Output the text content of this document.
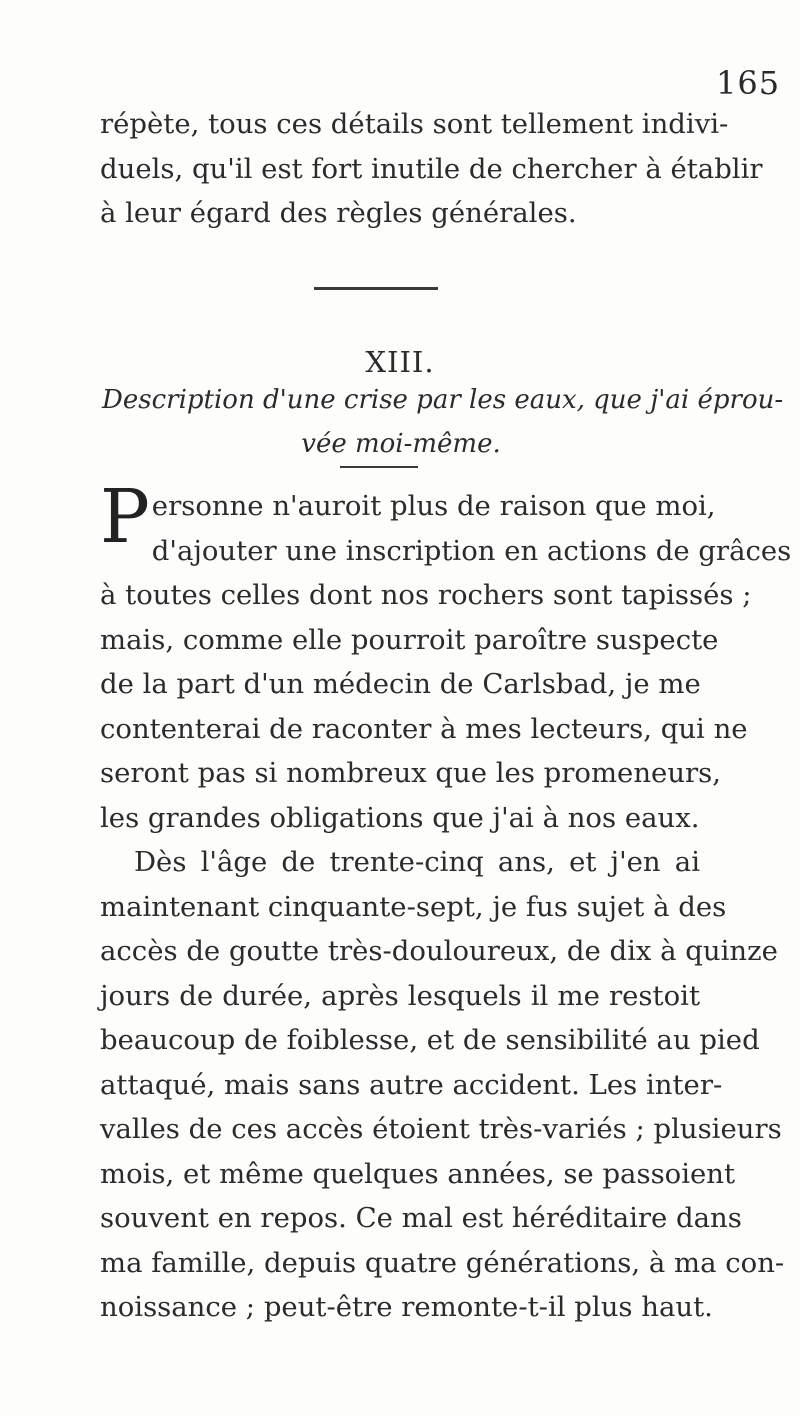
165
répète, tous ces détails sont tellement indivi-
duels, qu'il est fort inutile de chercher à établir
à leur égard des règles générales.
XIII.
Description d'une crise par les eaux, que j'ai éprou-
vée moi-même.
P ersonne n'auroit plus de raison que moi,
d'ajouter une inscription en actions de grâces
à toutes celles dont nos rochers sont tapissés ;
mais, comme elle pourroit paroître suspecte
de la part d'un médecin de Carlsbad, je me
contenterai de raconter à mes lecteurs, qui ne
seront pas si nombreux que les promeneurs,
les grandes obligations que j'ai à nos eaux.
Dès l'âge de trente-cinq ans, et j'en ai
maintenant cinquante-sept, je fus sujet à des
accès de goutte très-douloureux, de dix à quinze
jours de durée, après lesquels il me restoit
beaucoup de foiblesse, et de sensibilité au pied
attaqué, mais sans autre accident. Les inter-
valles de ces accès étoient très-variés ; plusieurs
mois, et même quelques années, se passoient
souvent en repos. Ce mal est héréditaire dans
ma famille, depuis quatre générations, à ma con-
noissance ; peut-être remonte-t-il plus haut.
